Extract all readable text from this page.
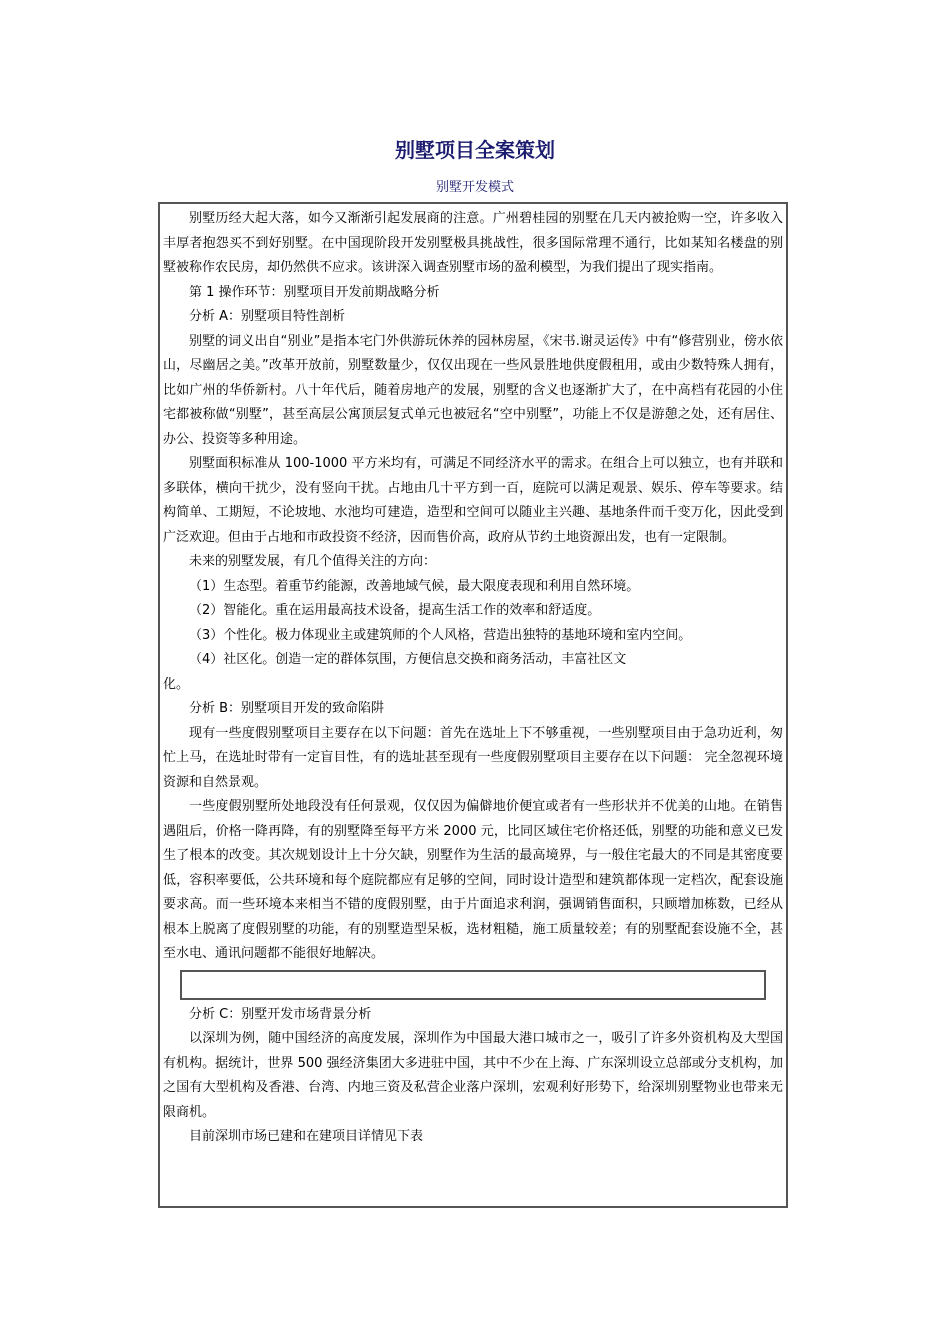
别墅项目全案策划
别墅开发模式

别墅历经大起大落，如今又渐渐引起发展商的注意。广州碧桂园的别墅在几天内被抢购一空，许多收入丰厚者抱怨买不到好别墅。在中国现阶段开发别墅极具挑战性，很多国际常理不通行，比如某知名楼盘的别墅被称作农民房，却仍然供不应求。该讲深入调查别墅市场的盈利模型，为我们提出了现实指南。

第 1 操作环节：别墅项目开发前期战略分析

分析 A：别墅项目特性剖析

别墅的词义出自“别业”是指本宅门外供游玩休养的园林房屋，《宋书.谢灵运传》中有“修营别业，傍水依山，尽幽居之美。”改革开放前，别墅数量少，仅仅出现在一些风景胜地供度假租用，或由少数特殊人拥有，比如广州的华侨新村。八十年代后，随着房地产的发展，别墅的含义也逐渐扩大了，在中高档有花园的小住宅都被称做“别墅”，甚至高层公寓顶层复式单元也被冠名“空中别墅”，功能上不仅是游憩之处，还有居住、办公、投资等多种用途。

别墅面积标准从 100-1000 平方米均有，可满足不同经济水平的需求。在组合上可以独立，也有并联和多联体，横向干扰少，没有竖向干扰。占地由几十平方到一百，庭院可以满足观景、娱乐、停车等要求。结构简单、工期短，不论坡地、水池均可建造，造型和空间可以随业主兴趣、基地条件而千变万化，因此受到广泛欢迎。但由于占地和市政投资不经济，因而售价高，政府从节约土地资源出发，也有一定限制。

未来的别墅发展，有几个值得关注的方向：

（1）生态型。着重节约能源，改善地域气候，最大限度表现和利用自然环境。

（2）智能化。重在运用最高技术设备，提高生活工作的效率和舒适度。

（3）个性化。极力体现业主或建筑师的个人风格，营造出独特的基地环境和室内空间。

（4）社区化。创造一定的群体氛围，方便信息交换和商务活动，丰富社区文

化。

分析 B：别墅项目开发的致命陷阱

现有一些度假别墅项目主要存在以下问题：首先在选址上下不够重视，一些别墅项目由于急功近利，匆忙上马，在选址时带有一定盲目性，有的选址甚至现有一些度假别墅项目主要存在以下问题： 完全忽视环境资源和自然景观。

一些度假别墅所处地段没有任何景观，仅仅因为偏僻地价便宜或者有一些形状并不优美的山地。在销售遇阻后，价格一降再降，有的别墅降至每平方米 2000 元，比同区域住宅价格还低，别墅的功能和意义已发生了根本的改变。其次规划设计上十分欠缺，别墅作为生活的最高境界，与一般住宅最大的不同是其密度要低，容积率要低，公共环境和每个庭院都应有足够的空间，同时设计造型和建筑都体现一定档次，配套设施要求高。而一些环境本来相当不错的度假别墅，由于片面追求利润，强调销售面积，只顾增加栋数，已经从根本上脱离了度假别墅的功能，有的别墅造型呆板，选材粗糙，施工质量较差；有的别墅配套设施不全，甚至水电、通讯问题都不能很好地解决。

分析 C：别墅开发市场背景分析

以深圳为例，随中国经济的高度发展，深圳作为中国最大港口城市之一，吸引了许多外资机构及大型国有机构。据统计，世界 500 强经济集团大多进驻中国，其中不少在上海、广东深圳设立总部或分支机构，加之国有大型机构及香港、台湾、内地三资及私营企业落户深圳，宏观利好形势下，给深圳别墅物业也带来无限商机。

目前深圳市场已建和在建项目详情见下表
